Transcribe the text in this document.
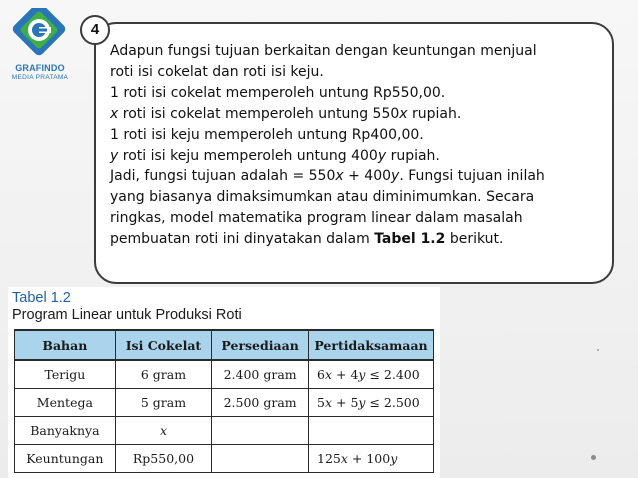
GRAFINDO
MEDIA PRATAMA
4
Adapun fungsi tujuan berkaitan dengan keuntungan menjual
roti isi cokelat dan roti isi keju.
1 roti isi cokelat memperoleh untung Rp550,00.
x roti isi cokelat memperoleh untung 550x rupiah.
1 roti isi keju memperoleh untung Rp400,00.
y roti isi keju memperoleh untung 400y rupiah.
Jadi, fungsi tujuan adalah = 550x + 400y. Fungsi tujuan inilah
yang biasanya dimaksimumkan atau diminimumkan. Secara
ringkas, model matematika program linear dalam masalah
pembuatan roti ini dinyatakan dalam Tabel 1.2 berikut.
Tabel 1.2
Program Linear untuk Produksi Roti
Bahan	Isi Cokelat	Persediaan	Pertidaksamaan
Terigu	6 gram	2.400 gram	6x + 4y ≤ 2.400
Mentega	5 gram	2.500 gram	5x + 5y ≤ 2.500
Banyaknya	x		
Keuntungan	Rp550,00		125x + 100y
